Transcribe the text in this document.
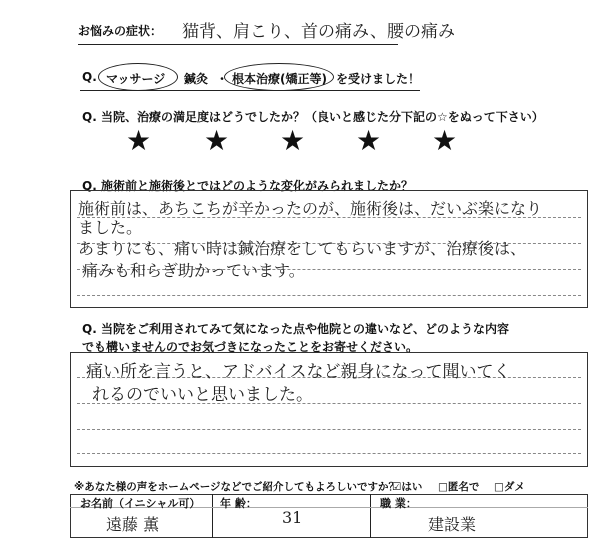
お悩みの症状： 猫背、肩こり、首の痛み、腰の痛み
Q. マッサージ 鍼灸 ・ 根本治療(矯正等) を受けました！
Q. 当院、治療の満足度はどうでしたか？（良いと感じた分下記の☆をぬって下さい）
★ ★ ★ ★ ★
Q. 施術前と施術後とではどのような変化がみられましたか？
施術前は、あちこちが辛かったのが、施術後は、だいぶ楽になり
ました。
あまりにも、痛い時は鍼治療をしてもらいますが、治療後は、
痛みも和らぎ助かっています。
Q. 当院をご利用されてみて気になった点や他院との違いなど、どのような内容
でも構いませんのでお気づきになったことをお寄せください。
痛い所を言うと、アドバイスなど親身になって聞いてく
れるのでいいと思いました。
※あなた様の声をホームページなどでご紹介してもよろしいですか？
☑はい □匿名で □ダメ
お名前（イニシャル可）
遠藤 薫
年 齢：
31
職 業：
建設業
